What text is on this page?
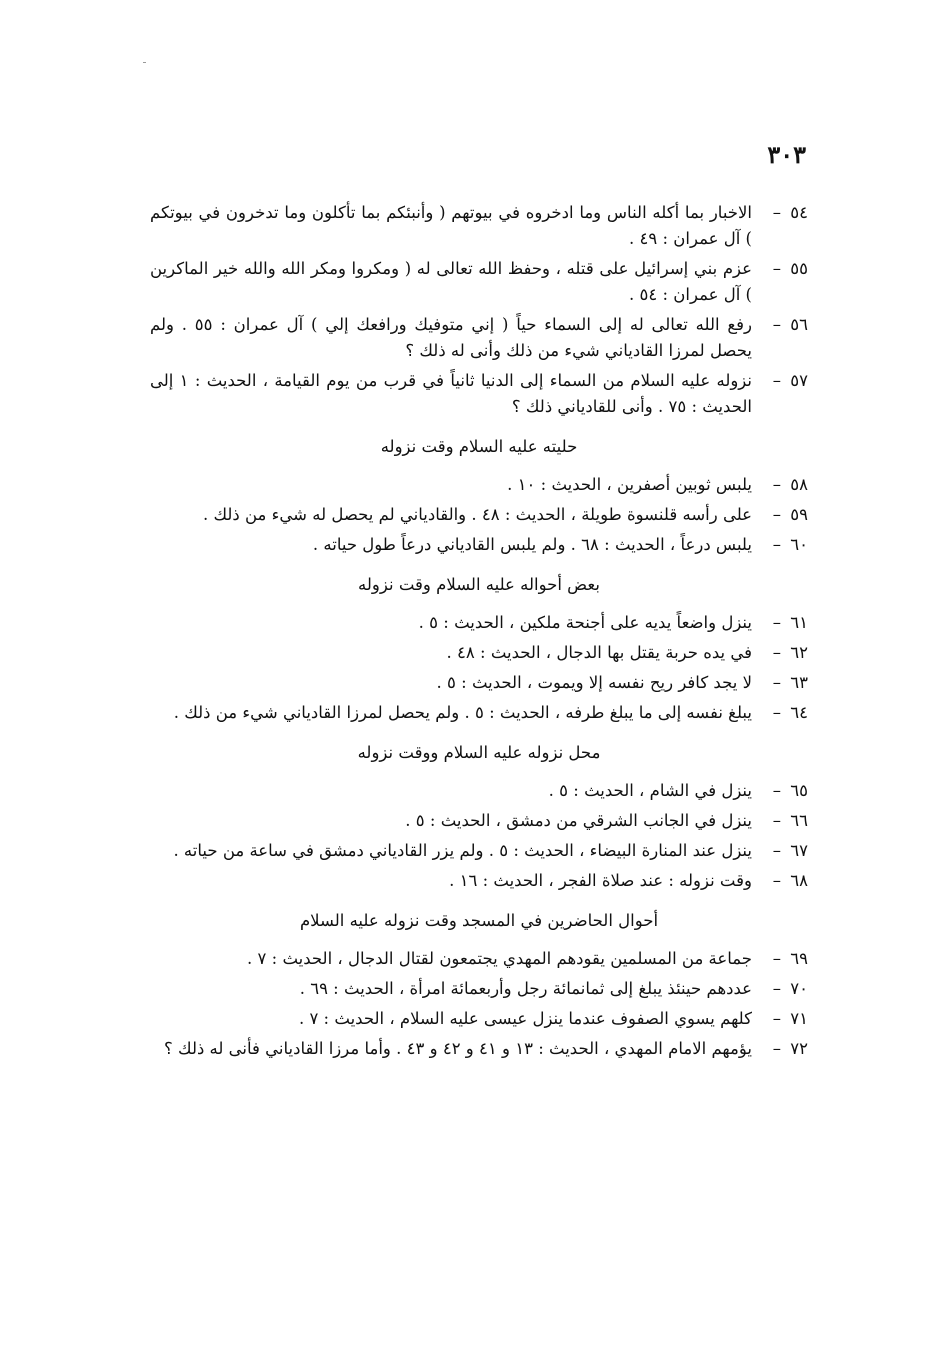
٣٠٣
٥٤ –
الاخبار بما أكله الناس وما ادخروه في بيوتهم ( وأنبئكم بما تأكلون وما تدخرون في بيوتكم ) آل عمران : ٤٩ .
٥٥ –
عزم بني إسرائيل على قتله ، وحفظ الله تعالى له ( ومكروا ومكر الله والله خير الماكرين ) آل عمران : ٥٤ .
٥٦ –
رفع الله تعالى له إلى السماء حياً ( إني متوفيك ورافعك إلي ) آل عمران : ٥٥ . ولم يحصل لمرزا القادياني شيء من ذلك وأنى له ذلك ؟
٥٧ –
نزوله عليه السلام من السماء إلى الدنيا ثانياً في قرب من يوم القيامة ، الحديث : ١ إلى الحديث : ٧٥ . وأنى للقادياني ذلك ؟
حليته عليه السلام وقت نزوله
٥٨ –
يلبس ثوبين أصفرين ، الحديث : ١٠ .
٥٩ –
على رأسه قلنسوة طويلة ، الحديث : ٤٨ . والقادياني لم يحصل له شيء من ذلك .
٦٠ –
يلبس درعاً ، الحديث : ٦٨ . ولم يلبس القادياني درعاً طول حياته .
بعض أحواله عليه السلام وقت نزوله
٦١ –
ينزل واضعاً يديه على أجنحة ملكين ، الحديث : ٥ .
٦٢ –
في يده حربة يقتل بها الدجال ، الحديث : ٤٨ .
٦٣ –
لا يجد كافر ريح نفسه إلا ويموت ، الحديث : ٥ .
٦٤ –
يبلغ نفسه إلى ما يبلغ طرفه ، الحديث : ٥ . ولم يحصل لمرزا القادياني شيء من ذلك .
محل نزوله عليه السلام ووقت نزوله
٦٥ –
ينزل في الشام ، الحديث : ٥ .
٦٦ –
ينزل في الجانب الشرقي من دمشق ، الحديث : ٥ .
٦٧ –
ينزل عند المنارة البيضاء ، الحديث : ٥ . ولم يزر القادياني دمشق في ساعة من حياته .
٦٨ –
وقت نزوله : عند صلاة الفجر ، الحديث : ١٦ .
أحوال الحاضرين في المسجد وقت نزوله عليه السلام
٦٩ –
جماعة من المسلمين يقودهم المهدي يجتمعون لقتال الدجال ، الحديث : ٧ .
٧٠ –
عددهم حينئذ يبلغ إلى ثمانمائة رجل وأربعمائة امرأة ، الحديث : ٦٩ .
٧١ –
كلهم يسوي الصفوف عندما ينزل عيسى عليه السلام ، الحديث : ٧ .
٧٢ –
يؤمهم الامام المهدي ، الحديث : ١٣ و ٤١ و ٤٢ و ٤٣ . وأما مرزا القادياني فأنى له ذلك ؟
